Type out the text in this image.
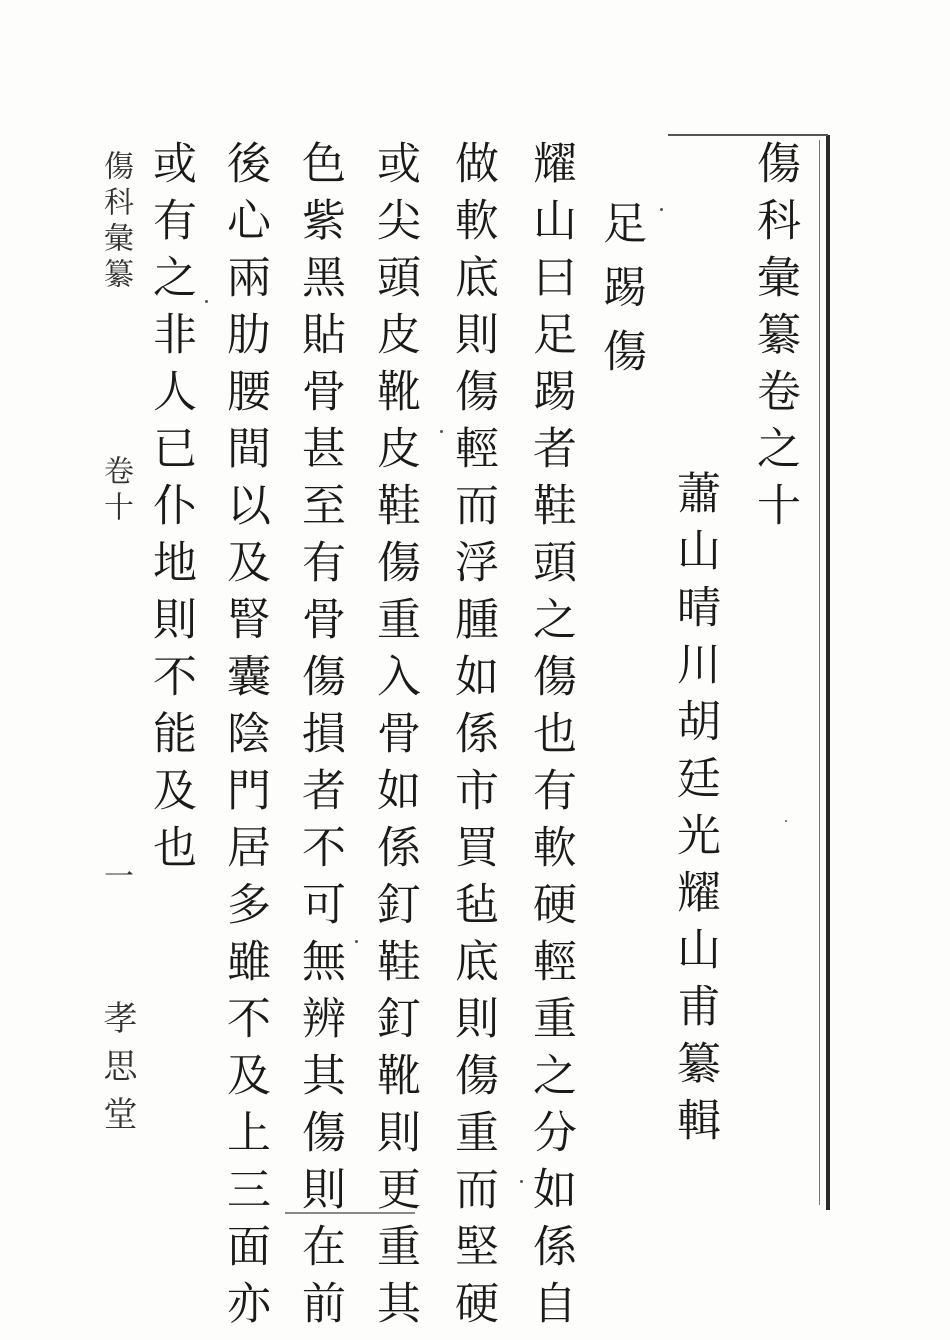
傷科彙纂卷之十
蕭山晴川胡廷光耀山甫纂輯
足踢傷
耀山曰足踢者鞋頭之傷也有軟硬輕重之分如係自
做軟底則傷輕而浮腫如係市買毡底則傷重而堅硬
或尖頭皮靴皮鞋傷重入骨如係釘鞋釘靴則更重其
色紫黑貼骨甚至有骨傷損者不可無辨其傷則在前
後心兩肋腰間以及腎囊陰門居多雖不及上三面亦
或有之非人已仆地則不能及也
傷科彙纂
卷十
一
孝思堂
